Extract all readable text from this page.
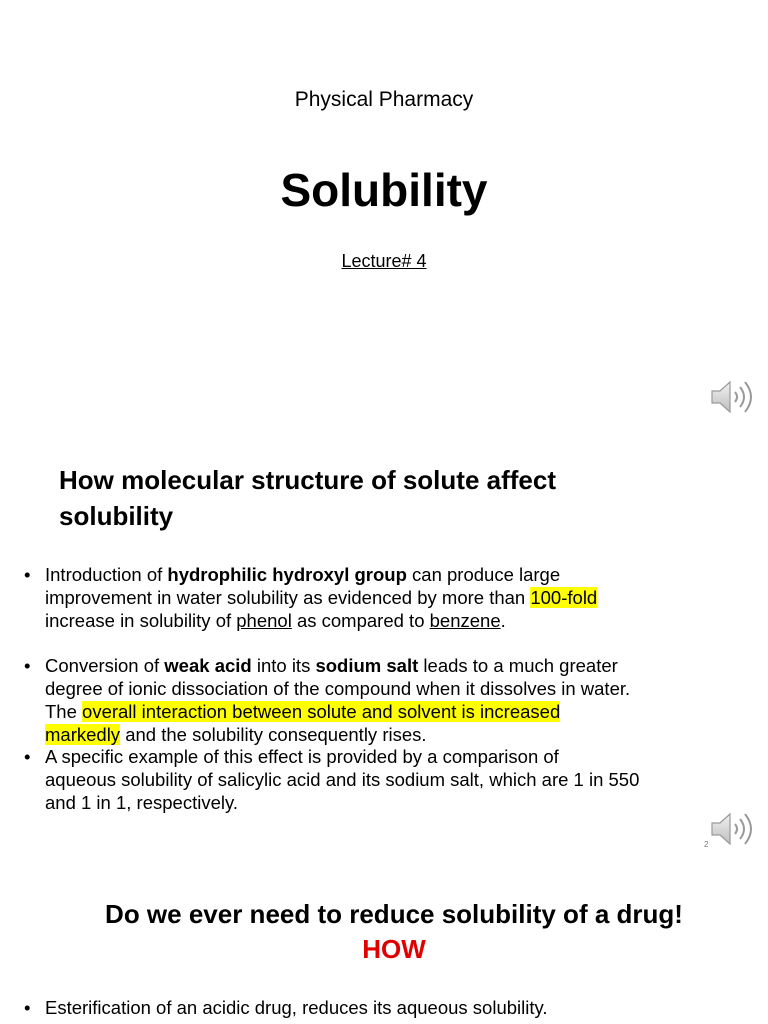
Physical Pharmacy
Solubility
Lecture# 4
How molecular structure of solute affect
solubility
• Introduction of hydrophilic hydroxyl group can produce large
improvement in water solubility as evidenced by more than 100-fold
increase in solubility of phenol as compared to benzene.
• Conversion of weak acid into its sodium salt leads to a much greater
degree of ionic dissociation of the compound when it dissolves in water.
The overall interaction between solute and solvent is increased
markedly and the solubility consequently rises.
• A specific example of this effect is provided by a comparison of
aqueous solubility of salicylic acid and its sodium salt, which are 1 in 550
and 1 in 1, respectively.
2
Do we ever need to reduce solubility of a drug!
HOW
• Esterification of an acidic drug, reduces its aqueous solubility.
